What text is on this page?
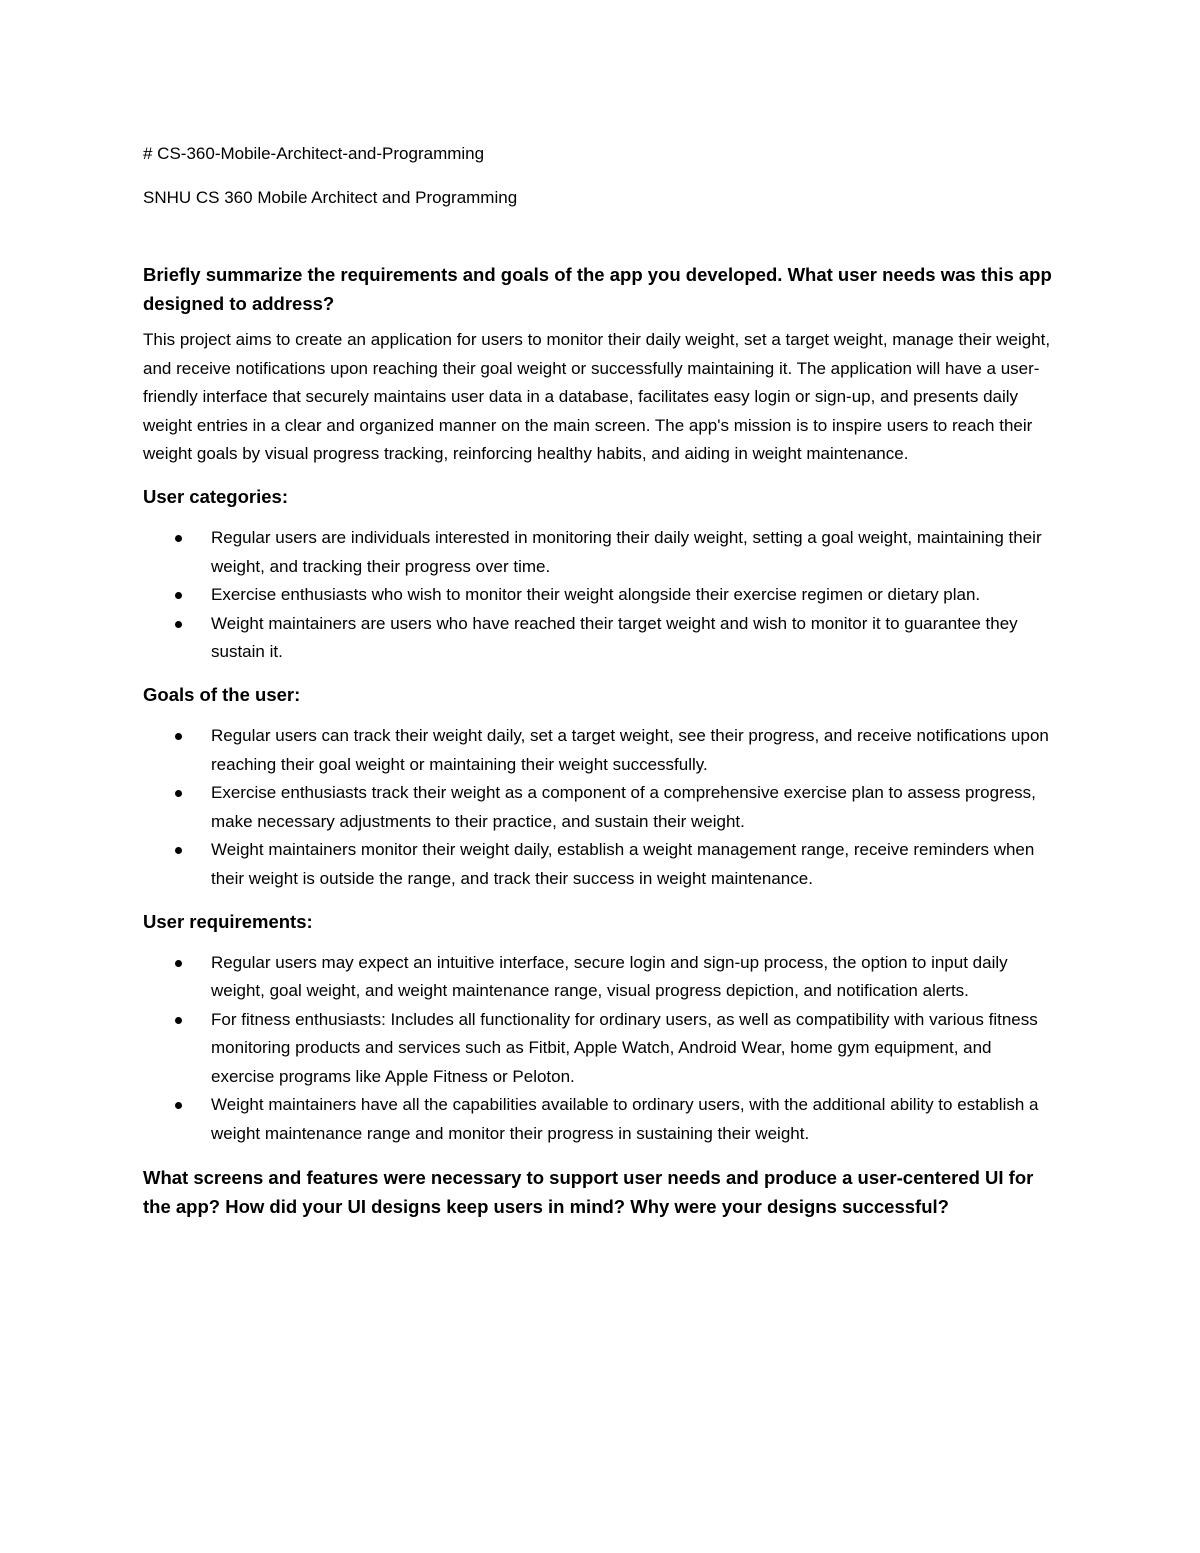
# CS-360-Mobile-Architect-and-Programming

SNHU CS 360 Mobile Architect and Programming

Briefly summarize the requirements and goals of the app you developed. What user needs was this app designed to address?

This project aims to create an application for users to monitor their daily weight, set a target weight, manage their weight, and receive notifications upon reaching their goal weight or successfully maintaining it. The application will have a user-friendly interface that securely maintains user data in a database, facilitates easy login or sign-up, and presents daily weight entries in a clear and organized manner on the main screen. The app's mission is to inspire users to reach their weight goals by visual progress tracking, reinforcing healthy habits, and aiding in weight maintenance.

User categories:

Regular users are individuals interested in monitoring their daily weight, setting a goal weight, maintaining their weight, and tracking their progress over time.
Exercise enthusiasts who wish to monitor their weight alongside their exercise regimen or dietary plan.
Weight maintainers are users who have reached their target weight and wish to monitor it to guarantee they sustain it.

Goals of the user:

Regular users can track their weight daily, set a target weight, see their progress, and receive notifications upon reaching their goal weight or maintaining their weight successfully.
Exercise enthusiasts track their weight as a component of a comprehensive exercise plan to assess progress, make necessary adjustments to their practice, and sustain their weight.
Weight maintainers monitor their weight daily, establish a weight management range, receive reminders when their weight is outside the range, and track their success in weight maintenance.

User requirements:

Regular users may expect an intuitive interface, secure login and sign-up process, the option to input daily weight, goal weight, and weight maintenance range, visual progress depiction, and notification alerts.
For fitness enthusiasts: Includes all functionality for ordinary users, as well as compatibility with various fitness monitoring products and services such as Fitbit, Apple Watch, Android Wear, home gym equipment, and exercise programs like Apple Fitness or Peloton.
Weight maintainers have all the capabilities available to ordinary users, with the additional ability to establish a weight maintenance range and monitor their progress in sustaining their weight.

What screens and features were necessary to support user needs and produce a user-centered UI for the app? How did your UI designs keep users in mind? Why were your designs successful?
